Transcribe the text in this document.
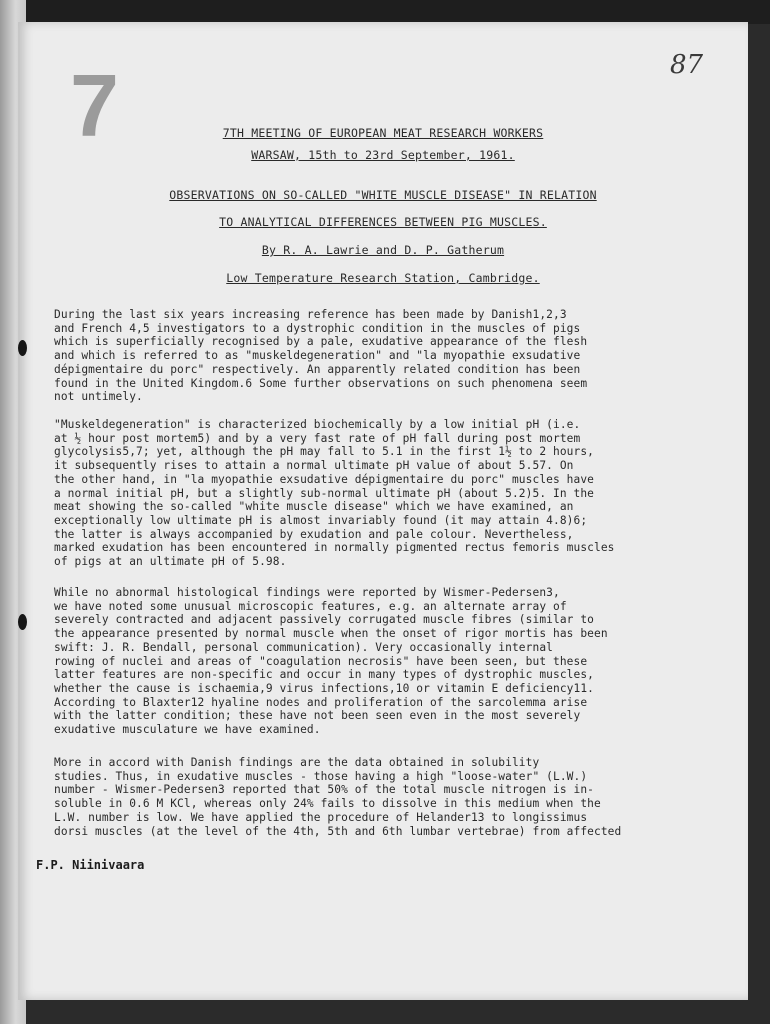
87
7	7TH MEETING OF EUROPEAN MEAT RESEARCH WORKERS
WARSAW, 15th to 23rd September, 1961.
OBSERVATIONS ON SO-CALLED "WHITE MUSCLE DISEASE" IN RELATION
TO ANALYTICAL DIFFERENCES BETWEEN PIG MUSCLES.
By R. A. Lawrie and D. P. Gatherum
Low Temperature Research Station, Cambridge.
During the last six years increasing reference has been made by Danish1,2,3
and French 4,5 investigators to a dystrophic condition in the muscles of pigs
which is superficially recognised by a pale, exudative appearance of the flesh
and which is referred to as "muskeldegeneration" and "la myopathie exsudative
dépigmentaire du porc" respectively. An apparently related condition has been
found in the United Kingdom.6 Some further observations on such phenomena seem
not untimely.
"Muskeldegeneration" is characterized biochemically by a low initial pH (i.e.
at ½ hour post mortem5) and by a very fast rate of pH fall during post mortem
glycolysis5,7; yet, although the pH may fall to 5.1 in the first 1½ to 2 hours,
it subsequently rises to attain a normal ultimate pH value of about 5.57. On
the other hand, in "la myopathie exsudative dépigmentaire du porc" muscles have
a normal initial pH, but a slightly sub-normal ultimate pH (about 5.2)5. In the
meat showing the so-called "white muscle disease" which we have examined, an
exceptionally low ultimate pH is almost invariably found (it may attain 4.8)6;
the latter is always accompanied by exudation and pale colour. Nevertheless,
marked exudation has been encountered in normally pigmented rectus femoris muscles
of pigs at an ultimate pH of 5.98.
While no abnormal histological findings were reported by Wismer-Pedersen3,
we have noted some unusual microscopic features, e.g. an alternate array of
severely contracted and adjacent passively corrugated muscle fibres (similar to
the appearance presented by normal muscle when the onset of rigor mortis has been
swift: J. R. Bendall, personal communication). Very occasionally internal
rowing of nuclei and areas of "coagulation necrosis" have been seen, but these
latter features are non-specific and occur in many types of dystrophic muscles,
whether the cause is ischaemia,9 virus infections,10 or vitamin E deficiency11.
According to Blaxter12 hyaline nodes and proliferation of the sarcolemma arise
with the latter condition; these have not been seen even in the most severely
exudative musculature we have examined.
More in accord with Danish findings are the data obtained in solubility
studies. Thus, in exudative muscles - those having a high "loose-water" (L.W.)
number - Wismer-Pedersen3 reported that 50% of the total muscle nitrogen is in-
soluble in 0.6 M KCl, whereas only 24% fails to dissolve in this medium when the
L.W. number is low. We have applied the procedure of Helander13 to longissimus
dorsi muscles (at the level of the 4th, 5th and 6th lumbar vertebrae) from affected
F.P. Niinivaara
